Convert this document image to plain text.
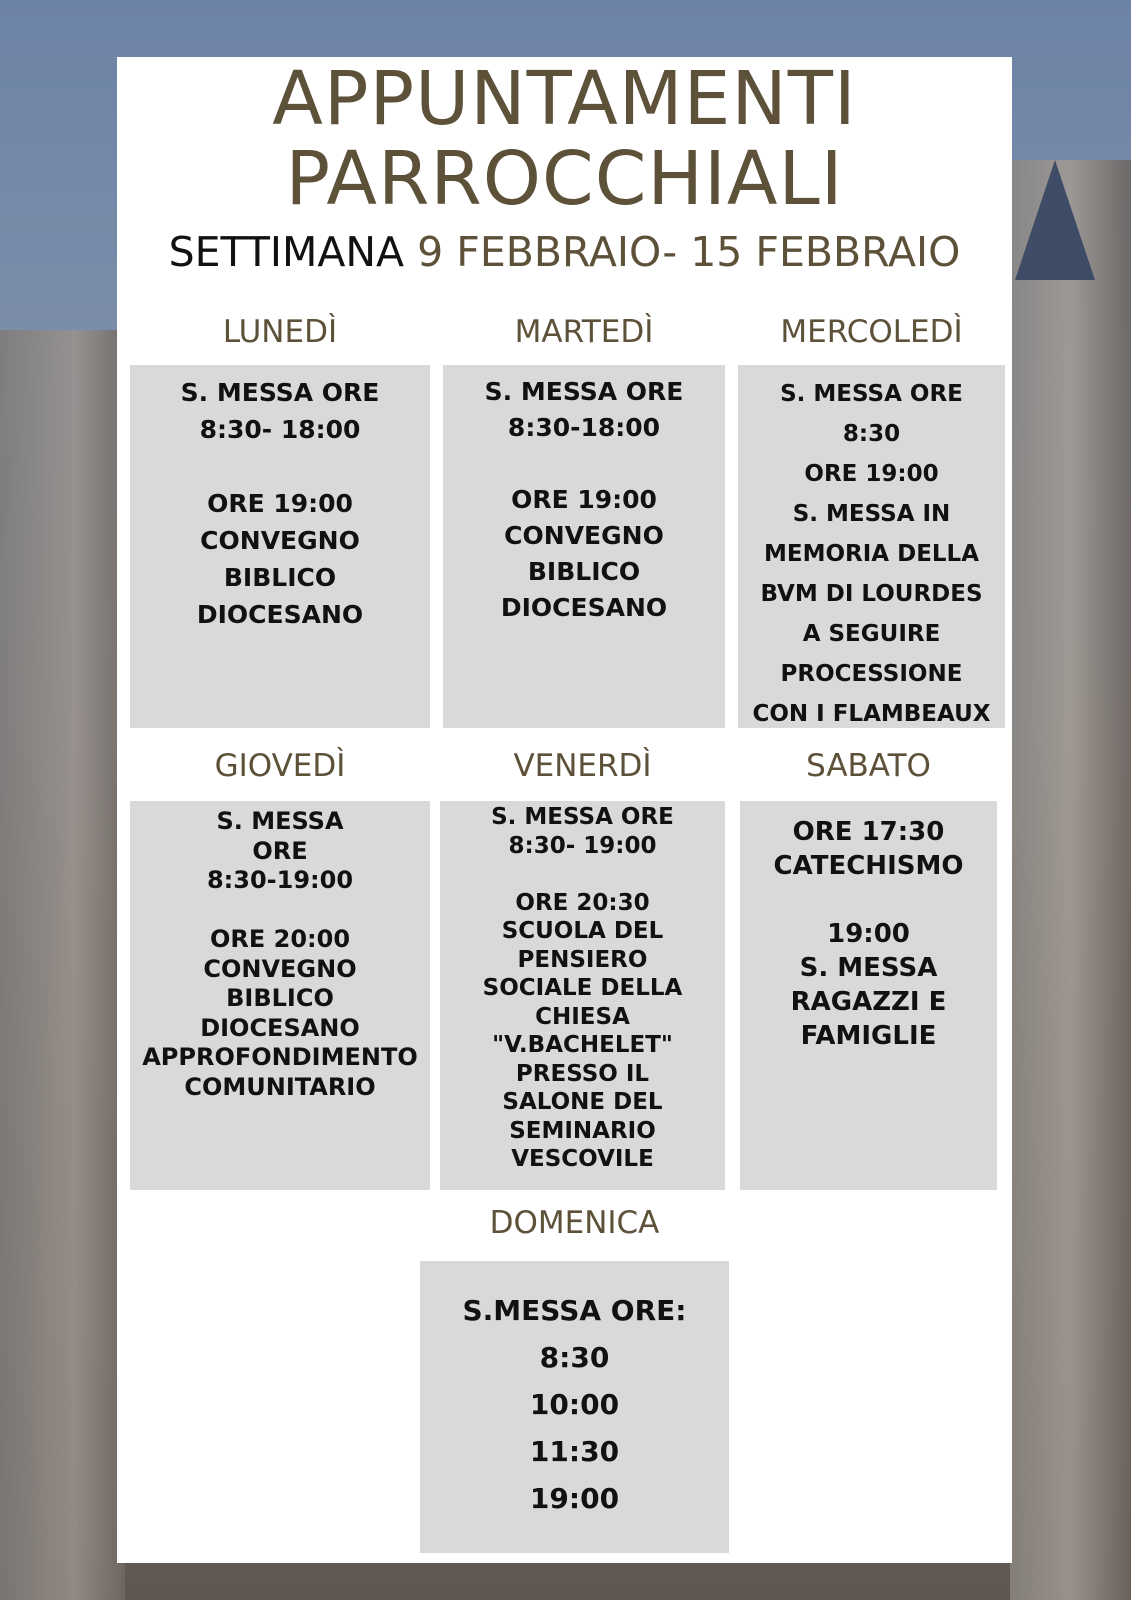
APPUNTAMENTI
PARROCCHIALI
SETTIMANA 9 FEBBRAIO- 15 FEBBRAIO
LUNEDÌ	MARTEDÌ	MERCOLEDÌ
S. MESSA ORE
8:30- 18:00

ORE 19:00
CONVEGNO
BIBLICO
DIOCESANO
S. MESSA ORE
8:30-18:00

ORE 19:00
CONVEGNO
BIBLICO
DIOCESANO
S. MESSA ORE
8:30
ORE 19:00
S. MESSA IN
MEMORIA DELLA
BVM DI LOURDES
A SEGUIRE
PROCESSIONE
CON I FLAMBEAUX
GIOVEDÌ	VENERDÌ	SABATO
S. MESSA
ORE
8:30-19:00

ORE 20:00
CONVEGNO
BIBLICO
DIOCESANO
APPROFONDIMENTO
COMUNITARIO
S. MESSA ORE
8:30- 19:00

ORE 20:30
SCUOLA DEL
PENSIERO
SOCIALE DELLA
CHIESA
"V.BACHELET"
PRESSO IL
SALONE DEL
SEMINARIO
VESCOVILE
ORE 17:30
CATECHISMO

19:00
S. MESSA
RAGAZZI E
FAMIGLIE
DOMENICA
S.MESSA ORE:
8:30
10:00
11:30
19:00
